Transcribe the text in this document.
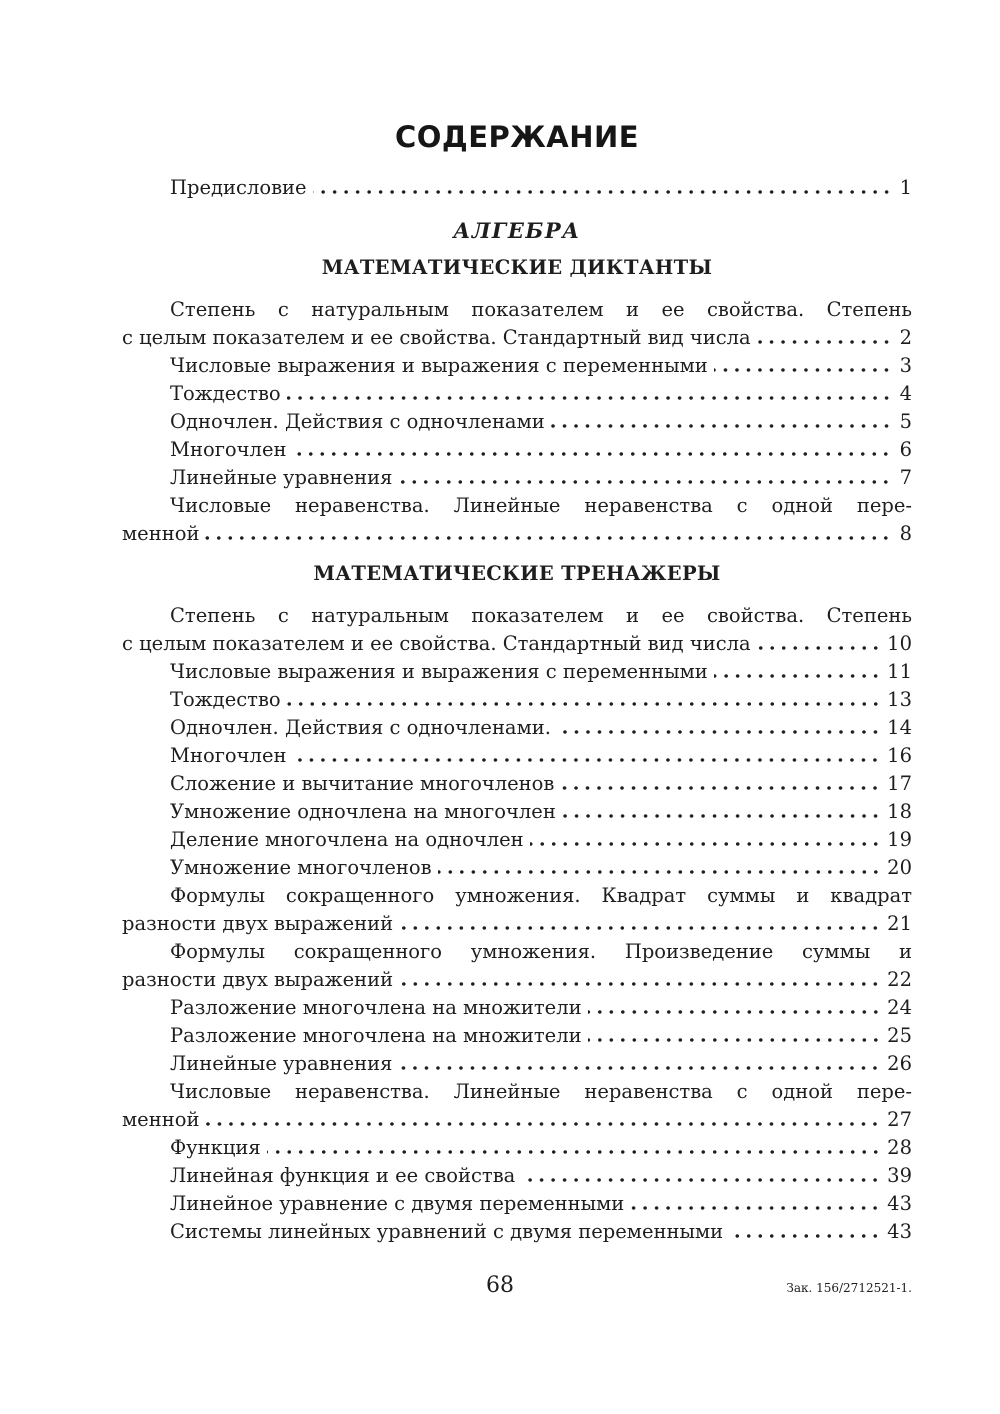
СОДЕРЖАНИЕ
Предисловие	1
АЛГЕБРА
МАТЕМАТИЧЕСКИЕ ДИКТАНТЫ
Степень с натуральным показателем и ее свойства. Степень
с целым показателем и ее свойства. Стандартный вид числа	2
Числовые выражения и выражения с переменными	3
Тождество	4
Одночлен. Действия с одночленами	5
Многочлен	6
Линейные уравнения	7
Числовые неравенства. Линейные неравенства с одной пере-
менной	8
МАТЕМАТИЧЕСКИЕ ТРЕНАЖЕРЫ
Степень с натуральным показателем и ее свойства. Степень
с целым показателем и ее свойства. Стандартный вид числа	10
Числовые выражения и выражения с переменными	11
Тождество	13
Одночлен. Действия с одночленами.	14
Многочлен	16
Сложение и вычитание многочленов	17
Умножение одночлена на многочлен	18
Деление многочлена на одночлен	19
Умножение многочленов	20
Формулы сокращенного умножения. Квадрат суммы и квадрат
разности двух выражений	21
Формулы сокращенного умножения. Произведение суммы и
разности двух выражений	22
Разложение многочлена на множители	24
Разложение многочлена на множители	25
Линейные уравнения	26
Числовые неравенства. Линейные неравенства с одной пере-
менной	27
Функция	28
Линейная функция и ее свойства	39
Линейное уравнение с двумя переменными	43
Системы линейных уравнений с двумя переменными	43
68	Зак. 156/2712521-1.
